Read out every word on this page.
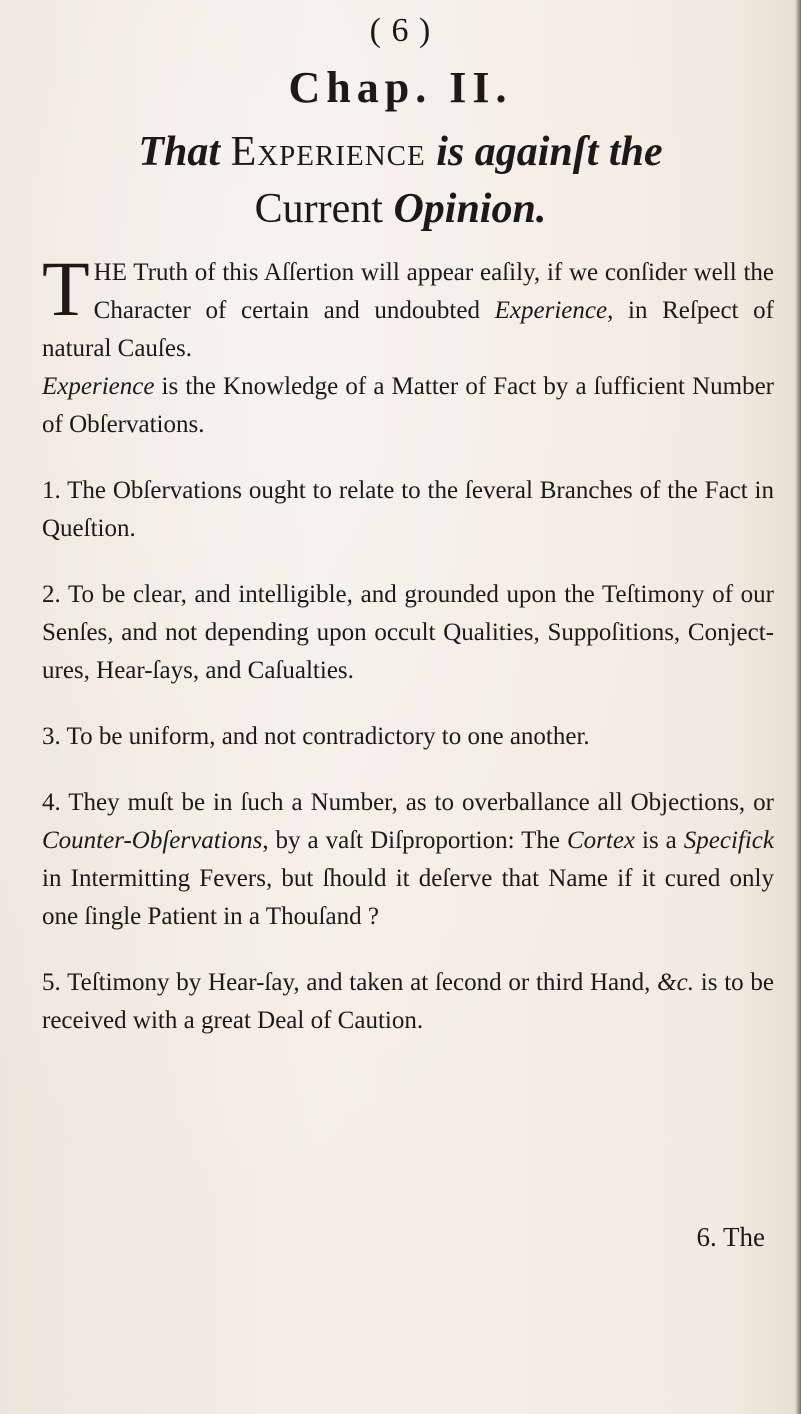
( 6 )
Chap. II.
That Experience is againſt the
Current Opinion.

THE Truth of this Aſſertion will appear eaſily, if we conſider well the Character of certain and undoubted Experience, in Reſpect of natural Cauſes.

Experience is the Knowledge of a Matter of Fact by a ſufficient Number of Obſervations.

1. The Obſervations ought to relate to the ſeveral Branches of the Fact in Queſtion.

2. To be clear, and intelligible, and grounded upon the Teſtimony of our Senſes, and not depending upon occult Qualities, Suppoſitions, Conjectures, Hear-ſays, and Caſualties.

3. To be uniform, and not contradictory to one another.

4. They muſt be in ſuch a Number, as to overballance all Objections, or Counter-Obſervations, by a vaſt Diſproportion: The Cortex is a Specifick in Intermitting Fevers, but ſhould it deſerve that Name if it cured only one ſingle Patient in a Thouſand ?

5. Teſtimony by Hear-ſay, and taken at ſecond or third Hand, &c. is to be received with a great Deal of Caution.

6. The
